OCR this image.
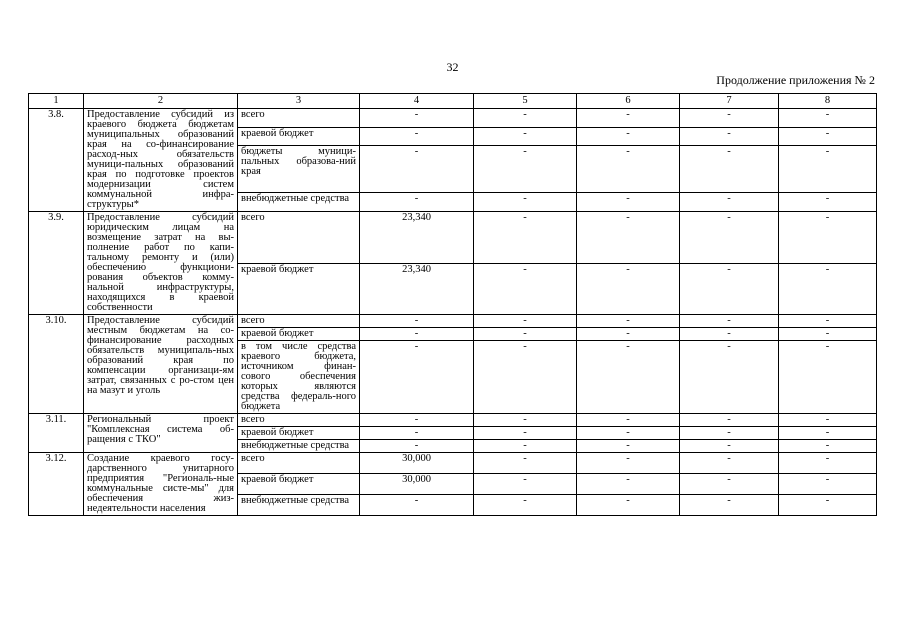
32
Продолжение приложения № 2
1	2	3	4	5	6	7	8
3.8.	Предоставление субсидий из краевого бюджета бюджетам муниципальных образований края на со-финансирование расход-ных обязательств муници-пальных образований края по подготовке проектов модернизации систем коммунальной инфра-структуры*	всего	-	-	-	-	-
		краевой бюджет	-	-	-	-	-
		бюджеты муници-пальных образова-ний края	-	-	-	-	-
		внебюджетные средства	-	-	-	-	-
3.9.	Предоставление субсидий юридическим лицам на возмещение затрат на вы-полнение работ по капи-тальному ремонту и (или) обеспечению функциони-рования объектов комму-нальной инфраструктуры, находящихся в краевой собственности	всего	23,340	-	-	-	-
		краевой бюджет	23,340	-	-	-	-
3.10.	Предоставление субсидий местным бюджетам на со-финансирование расходных обязательств муниципаль-ных образований края по компенсации организаци-ям затрат, связанных с ро-стом цен на мазут и уголь	всего	-	-	-	-	-
		краевой бюджет	-	-	-	-	-
		в том числе средства краевого бюджета, источником финан-сового обеспечения которых являются средства федераль-ного бюджета	-	-	-	-	-
3.11.	Региональный проект "Комплексная система об-ращения с ТКО"	всего	-	-	-	-	-
		краевой бюджет	-	-	-	-	-
		внебюджетные средства	-	-	-	-	-
3.12.	Создание краевого госу-дарственного унитарного предприятия "Региональ-ные коммунальные систе-мы" для обеспечения жиз-недеятельности населения	всего	30,000	-	-	-	-
		краевой бюджет	30,000	-	-	-	-
		внебюджетные средства	-	-	-	-	-
